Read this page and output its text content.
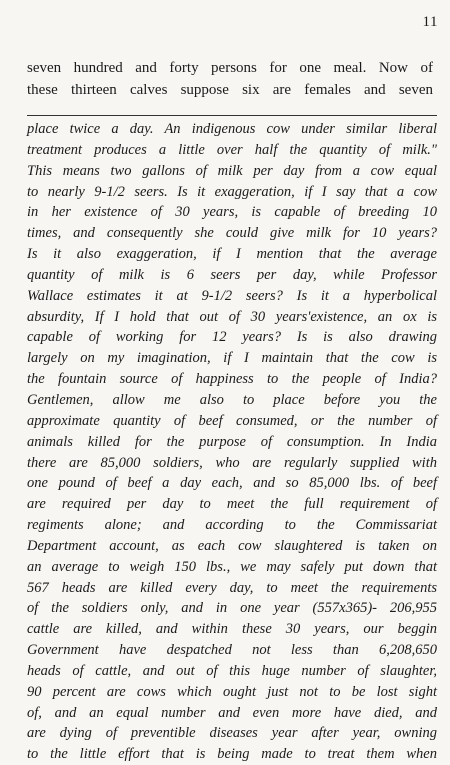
11
seven hundred and forty persons for one meal. Now of
these thirteen calves suppose six are females and seven
place twice a day. An indigenous cow under similar liberal
treatment produces a little over half the quantity of milk."
This means two gallons of milk per day from a cow equal
to nearly 9-1/2 seers. Is it exaggeration, if I say that a cow
in her existence of 30 years, is capable of breeding 10
times, and consequently she could give milk for 10 years?
Is it also exaggeration, if I mention that the average
quantity of milk is 6 seers per day, while Professor
Wallace estimates it at 9-1/2 seers? Is it a hyperbolical
absurdity, If I hold that out of 30 years'existence, an ox is
capable of working for 12 years? Is is also drawing
largely on my imagination, if I maintain that the cow is
the fountain source of happiness to the people of India?
Gentlemen, allow me also to place before you the
approximate quantity of beef consumed, or the number of
animals killed for the purpose of consumption. In India
there are 85,000 soldiers, who are regularly supplied with
one pound of beef a day each, and so 85,000 lbs. of beef
are required per day to meet the full requirement of
regiments alone; and according to the Commissariat
Department account, as each cow slaughtered is taken on
an average to weigh 150 lbs., we may safely put down that
567 heads are killed every day, to meet the requirements
of the soldiers only, and in one year (557x365)- 206,955
cattle are killed, and within these 30 years, our beggin
Government have despatched not less than 6,208,650
heads of cattle, and out of this huge number of slaughter,
90 percent are cows which ought just not to be lost sight
of, and an equal number and even more have died, and
are dying of preventible diseases year after year, owning
to the little effort that is being made to treat them when
